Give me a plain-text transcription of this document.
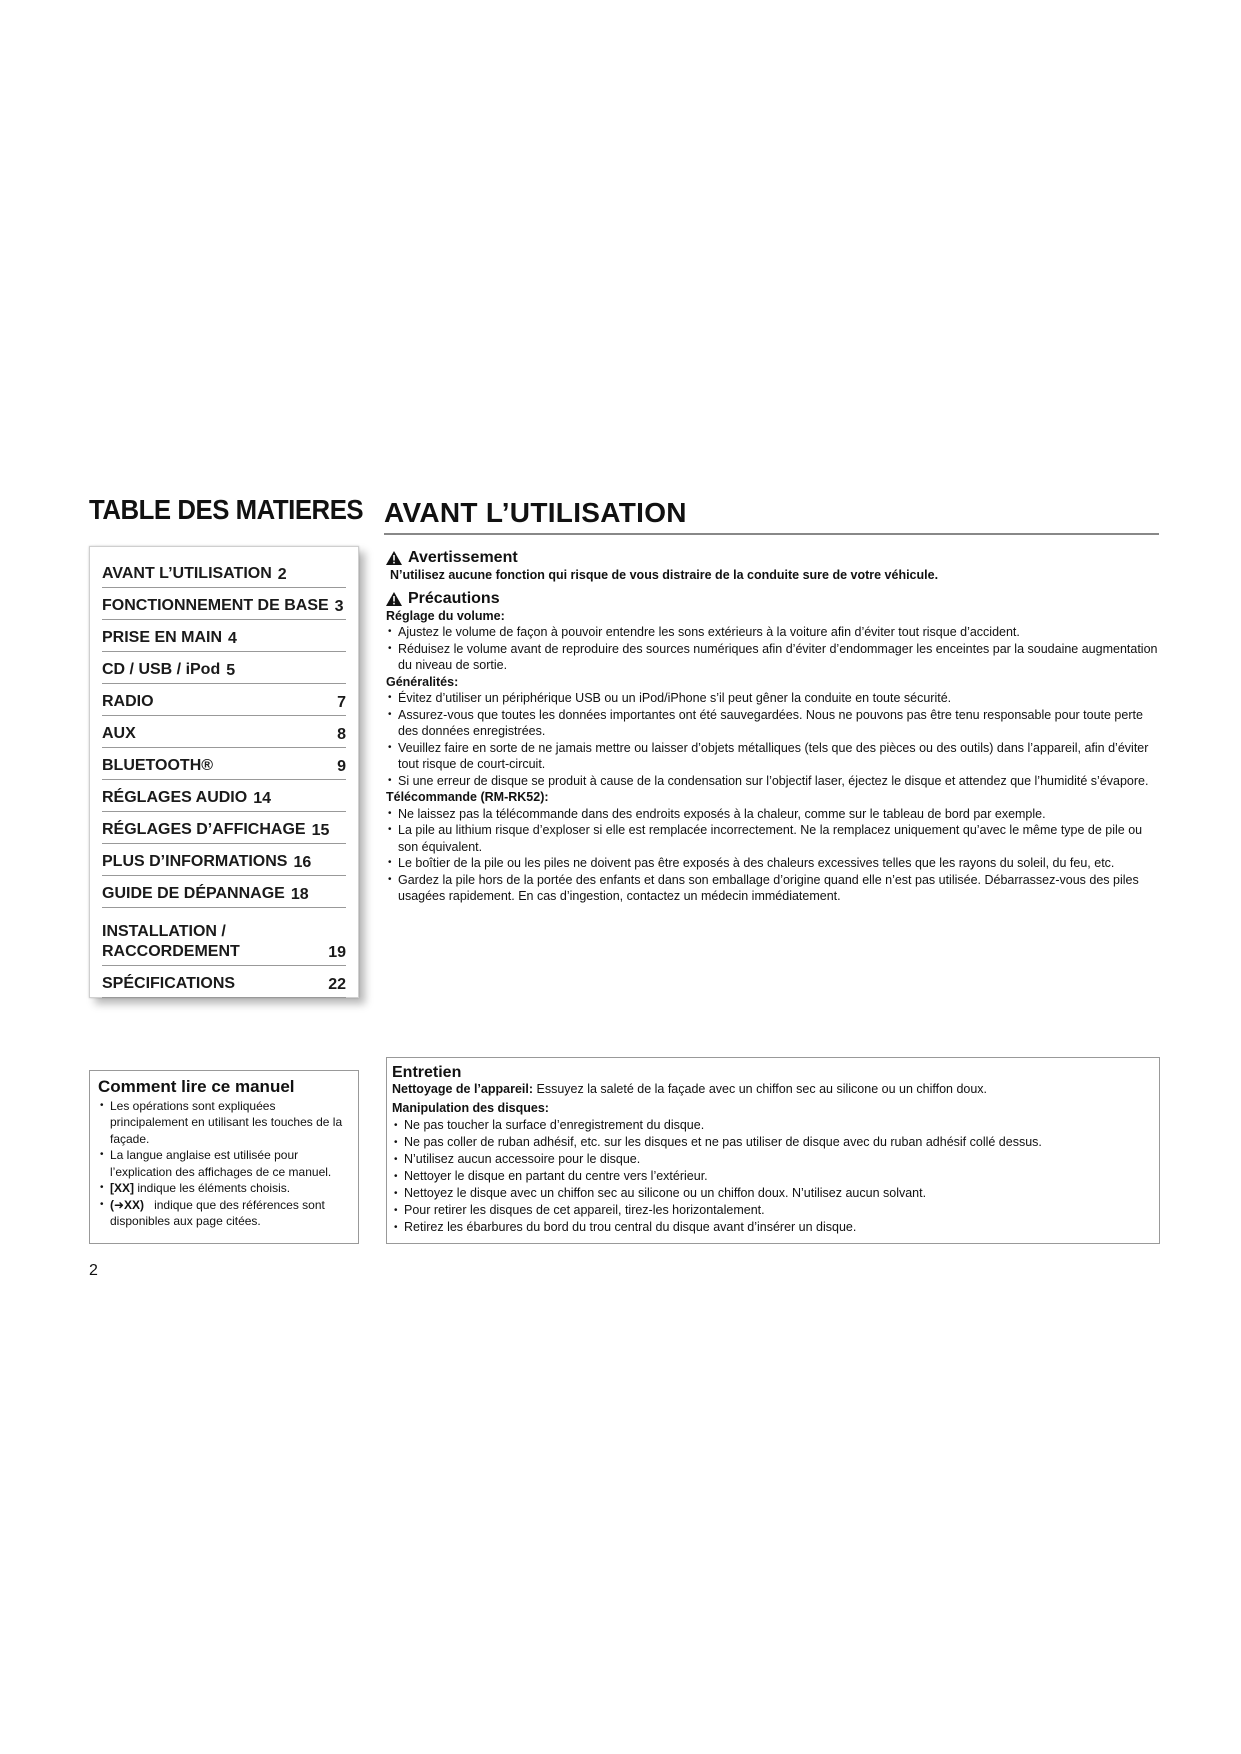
TABLE DES MATIERES AVANT L’UTILISATION
AVANT L’UTILISATION 2
FONCTIONNEMENT DE BASE 3
PRISE EN MAIN 4
CD / USB / iPod 5
RADIO	7
AUX	8
BLUETOOTH®	9
RÉGLAGES AUDIO 14
RÉGLAGES D’AFFICHAGE 15
PLUS D’INFORMATIONS 16
GUIDE DE DÉPANNAGE 18
INSTALLATION /
RACCORDEMENT	19
SPÉCIFICATIONS	22
Avertissement
N’utilisez aucune fonction qui risque de vous distraire de la conduite sure de votre véhicule.
Précautions
Réglage du volume:
• Ajustez le volume de façon à pouvoir entendre les sons extérieurs à la voiture afin d’éviter tout risque d’accident.
• Réduisez le volume avant de reproduire des sources numériques afin d’éviter d’endommager les enceintes par la soudaine augmentation du niveau de sortie.
Généralités:
• Évitez d’utiliser un périphérique USB ou un iPod/iPhone s’il peut gêner la conduite en toute sécurité.
• Assurez-vous que toutes les données importantes ont été sauvegardées. Nous ne pouvons pas être tenu responsable pour toute perte des données enregistrées.
• Veuillez faire en sorte de ne jamais mettre ou laisser d’objets métalliques (tels que des pièces ou des outils) dans l’appareil, afin d’éviter tout risque de court-circuit.
• Si une erreur de disque se produit à cause de la condensation sur l’objectif laser, éjectez le disque et attendez que l’humidité s’évapore.
Télécommande (RM-RK52):
• Ne laissez pas la télécommande dans des endroits exposés à la chaleur, comme sur le tableau de bord par exemple.
• La pile au lithium risque d’exploser si elle est remplacée incorrectement. Ne la remplacez uniquement qu’avec le même type de pile ou son équivalent.
• Le boîtier de la pile ou les piles ne doivent pas être exposés à des chaleurs excessives telles que les rayons du soleil, du feu, etc.
• Gardez la pile hors de la portée des enfants et dans son emballage d’origine quand elle n’est pas utilisée. Débarrassez-vous des piles usagées rapidement. En cas d’ingestion, contactez un médecin immédiatement.
Comment lire ce manuel
• Les opérations sont expliquées principalement en utilisant les touches de la façade.
• La langue anglaise est utilisée pour l’explication des affichages de ce manuel.
• [XX] indique les éléments choisis.
• (➜XX) indique que des références sont disponibles aux page citées.
Entretien
Nettoyage de l’appareil: Essuyez la saleté de la façade avec un chiffon sec au silicone ou un chiffon doux.
Manipulation des disques:
• Ne pas toucher la surface d’enregistrement du disque.
• Ne pas coller de ruban adhésif, etc. sur les disques et ne pas utiliser de disque avec du ruban adhésif collé dessus.
• N’utilisez aucun accessoire pour le disque.
• Nettoyer le disque en partant du centre vers l’extérieur.
• Nettoyez le disque avec un chiffon sec au silicone ou un chiffon doux. N’utilisez aucun solvant.
• Pour retirer les disques de cet appareil, tirez-les horizontalement.
• Retirez les ébarbures du bord du trou central du disque avant d’insérer un disque.
2
